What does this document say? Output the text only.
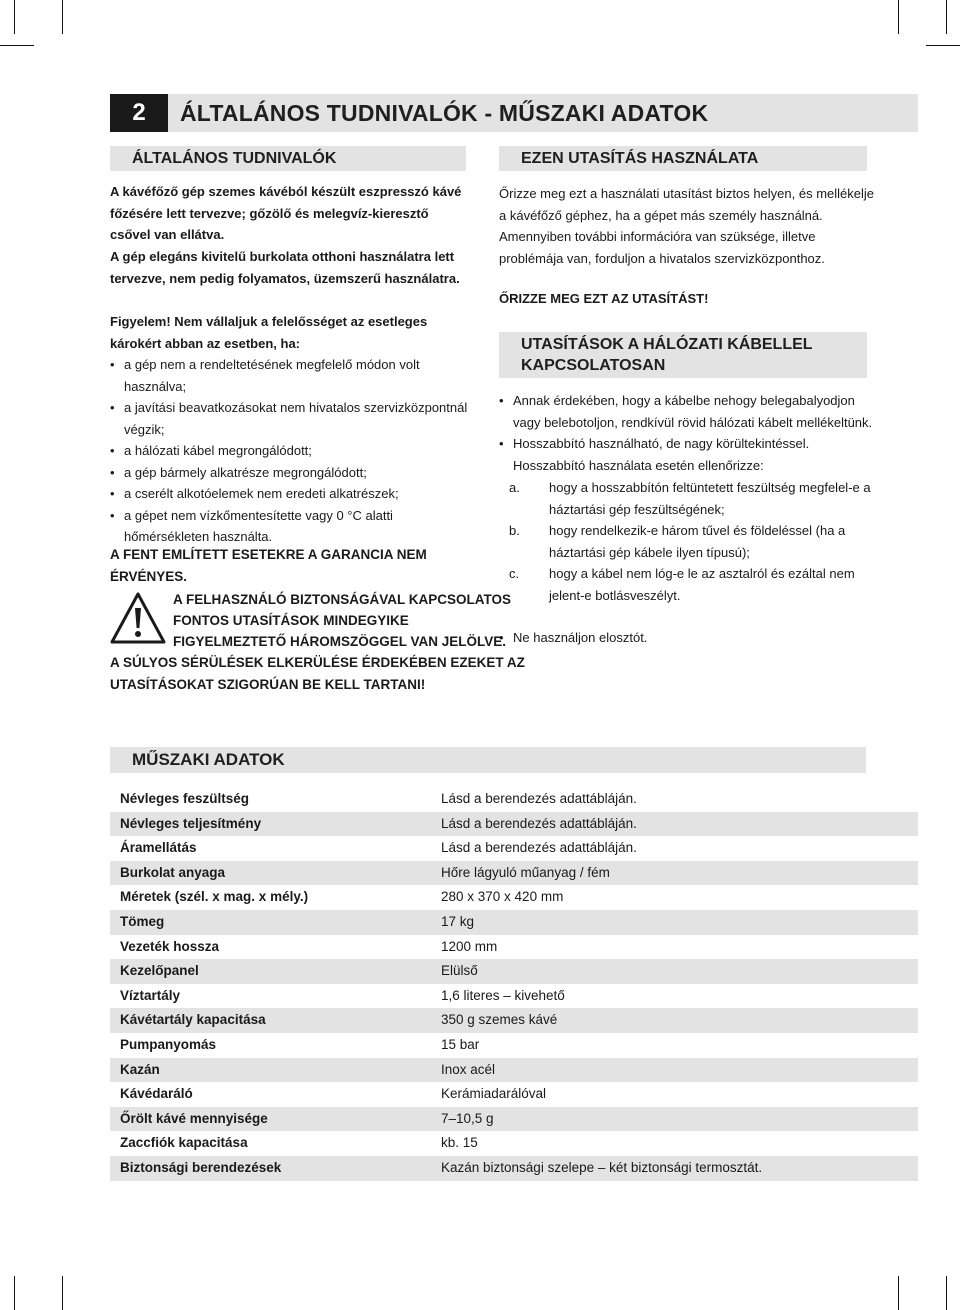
2	ÁLTALÁNOS TUDNIVALÓK - MŰSZAKI ADATOK
ÁLTALÁNOS TUDNIVALÓK

A kávéfőző gép szemes kávéból készült eszpresszó kávé főzésére lett tervezve; gőzölő és melegvíz-kieresztő csővel van ellátva.

A gép elegáns kivitelű burkolata otthoni használatra lett tervezve, nem pedig folyamatos, üzemszerű használatra.

Figyelem! Nem vállaljuk a felelősséget az esetleges károkért abban az esetben, ha:

• a gép nem a rendeltetésének megfelelő módon volt használva;
• a javítási beavatkozásokat nem hivatalos szervizközpontnál végzik;
• a hálózati kábel megrongálódott;
• a gép bármely alkatrésze megrongálódott;
• a cserélt alkotóelemek nem eredeti alkatrészek;
• a gépet nem vízkőmentesítette vagy 0 °C alatti hőmérsékleten használta.

A FENT EMLÍTETT ESETEKRE A GARANCIA NEM ÉRVÉNYES.

A FELHASZNÁLÓ BIZTONSÁGÁVAL KAPCSOLATOS

FONTOS UTASÍTÁSOK MINDEGYIKE

FIGYELMEZTETŐ HÁROMSZÖGGEL VAN JELÖLVE.

A SÚLYOS SÉRÜLÉSEK ELKERÜLÉSE ÉRDEKÉBEN EZEKET AZ

UTASÍTÁSOKAT SZIGORÚAN BE KELL TARTANI!

EZEN UTASÍTÁS HASZNÁLATA

Őrizze meg ezt a használati utasítást biztos helyen, és mellékelje a kávéfőző géphez, ha a gépet más személy használná. Amennyiben további információra van szüksége, illetve problémája van, forduljon a hivatalos szervizközponthoz.

ŐRIZZE MEG EZT AZ UTASÍTÁST!

UTASÍTÁSOK A HÁLÓZATI KÁBELLEL
KAPCSOLATOSAN
• Annak érdekében, hogy a kábelbe nehogy belegabalyodjon vagy belebotoljon, rendkívül rövid hálózati kábelt mellékeltünk.
• Hosszabbító használható, de nagy körültekintéssel.

Hosszabbító használata esetén ellenőrizze:

a. hogy a hosszabbítón feltüntetett feszültség megfelel-e a háztartási gép feszültségének;
b. hogy rendelkezik-e három tűvel és földeléssel (ha a háztartási gép kábele ilyen típusú);
c. hogy a kábel nem lóg-e le az asztalról és ezáltal nem jelent-e botlásveszélyt.
• Ne használjon elosztót.
MŰSZAKI ADATOK
Névleges feszültség	Lásd a berendezés adattábláján.
Névleges teljesítmény	Lásd a berendezés adattábláján.
Áramellátás	Lásd a berendezés adattábláján.
Burkolat anyaga	Hőre lágyuló műanyag / fém
Méretek (szél. x mag. x mély.)	280 x 370 x 420 mm
Tömeg	17 kg
Vezeték hossza	1200 mm
Kezelőpanel	Elülső
Víztartály	1,6 literes – kivehető
Kávétartály kapacitása	350 g szemes kávé
Pumpanyomás	15 bar
Kazán	Inox acél
Kávédaráló	Kerámiadarálóval
Őrölt kávé mennyisége	7–10,5 g
Zaccfiók kapacitása	kb. 15
Biztonsági berendezések	Kazán biztonsági szelepe – két biztonsági termosztát.
